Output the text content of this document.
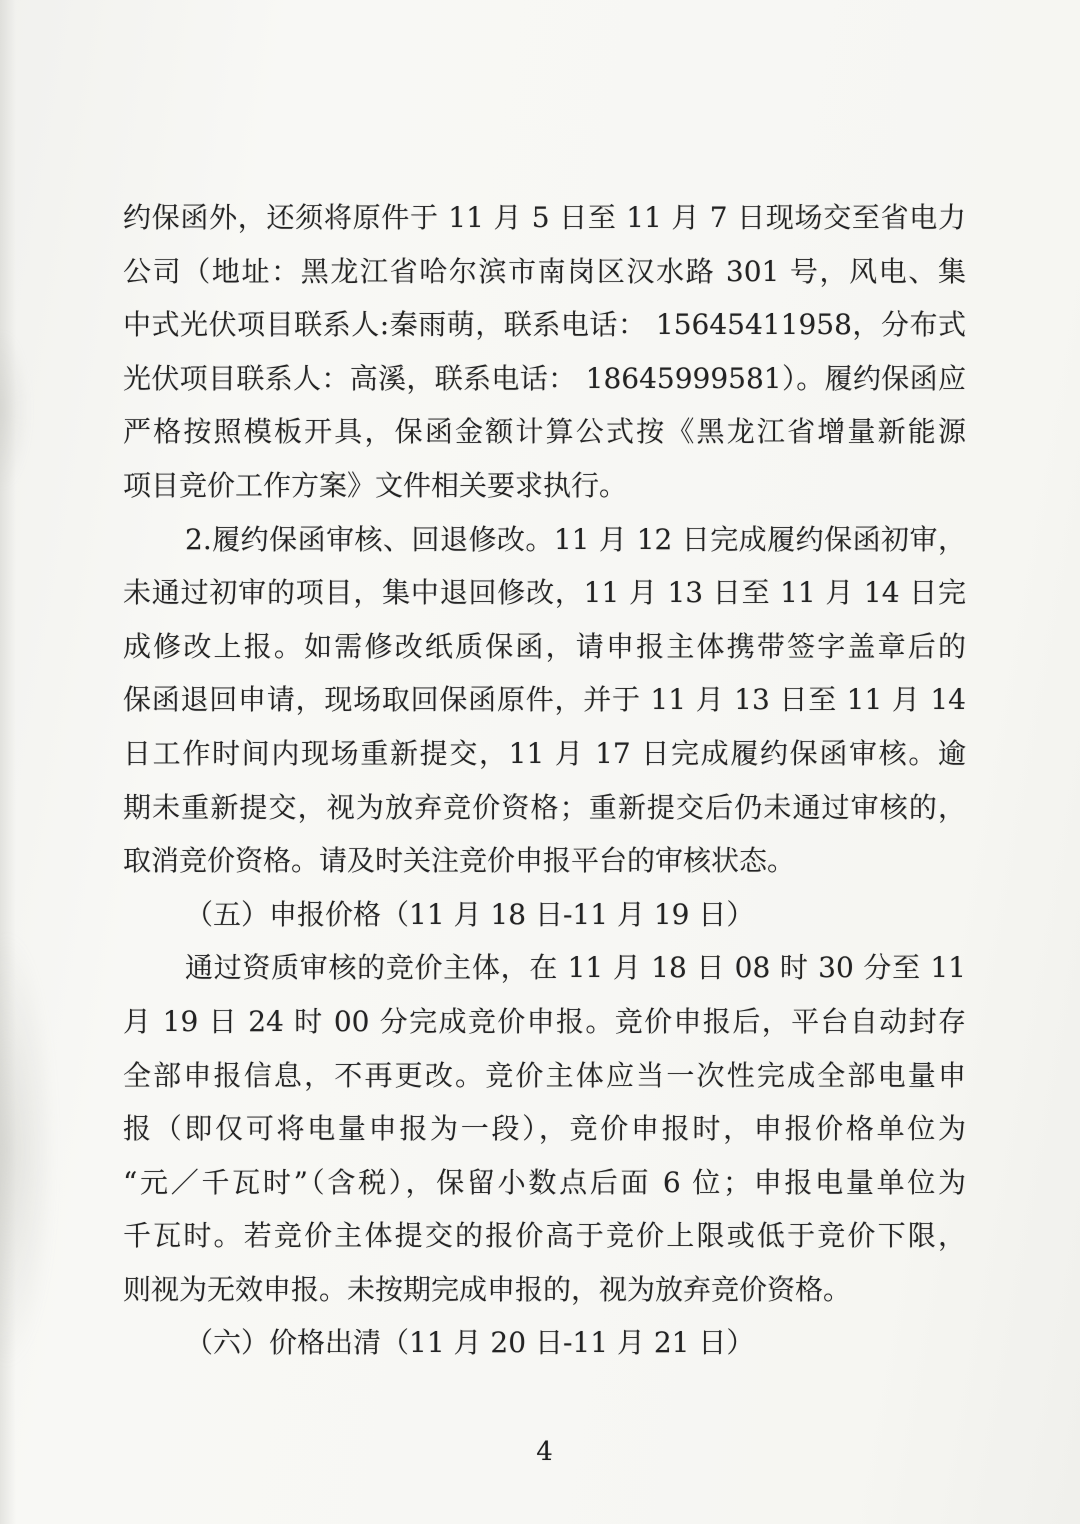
约保函外，还须将原件于 11 月 5 日至 11 月 7 日现场交至省电力
公司（地址：黑龙江省哈尔滨市南岗区汉水路 301 号，风电、集
中式光伏项目联系人:秦雨萌，联系电话： 15645411958，分布式
光伏项目联系人：高溪，联系电话： 18645999581）。履约保函应
严格按照模板开具，保函金额计算公式按《黑龙江省增量新能源
项目竞价工作方案》文件相关要求执行。
2.履约保函审核、回退修改。11 月 12 日完成履约保函初审，
未通过初审的项目，集中退回修改，11 月 13 日至 11 月 14 日完
成修改上报。如需修改纸质保函，请申报主体携带签字盖章后的
保函退回申请，现场取回保函原件，并于 11 月 13 日至 11 月 14
日工作时间内现场重新提交，11 月 17 日完成履约保函审核。逾
期未重新提交，视为放弃竞价资格；重新提交后仍未通过审核的，
取消竞价资格。请及时关注竞价申报平台的审核状态。
（五）申报价格（11 月 18 日-11 月 19 日）
通过资质审核的竞价主体，在 11 月 18 日 08 时 30 分至 11
月 19 日 24 时 00 分完成竞价申报。竞价申报后，平台自动封存
全部申报信息，不再更改。竞价主体应当一次性完成全部电量申
报（即仅可将电量申报为一段），竞价申报时，申报价格单位为
“元／千瓦时”（含税），保留小数点后面 6 位；申报电量单位为
千瓦时。若竞价主体提交的报价高于竞价上限或低于竞价下限，
则视为无效申报。未按期完成申报的，视为放弃竞价资格。
（六）价格出清（11 月 20 日-11 月 21 日）
4
